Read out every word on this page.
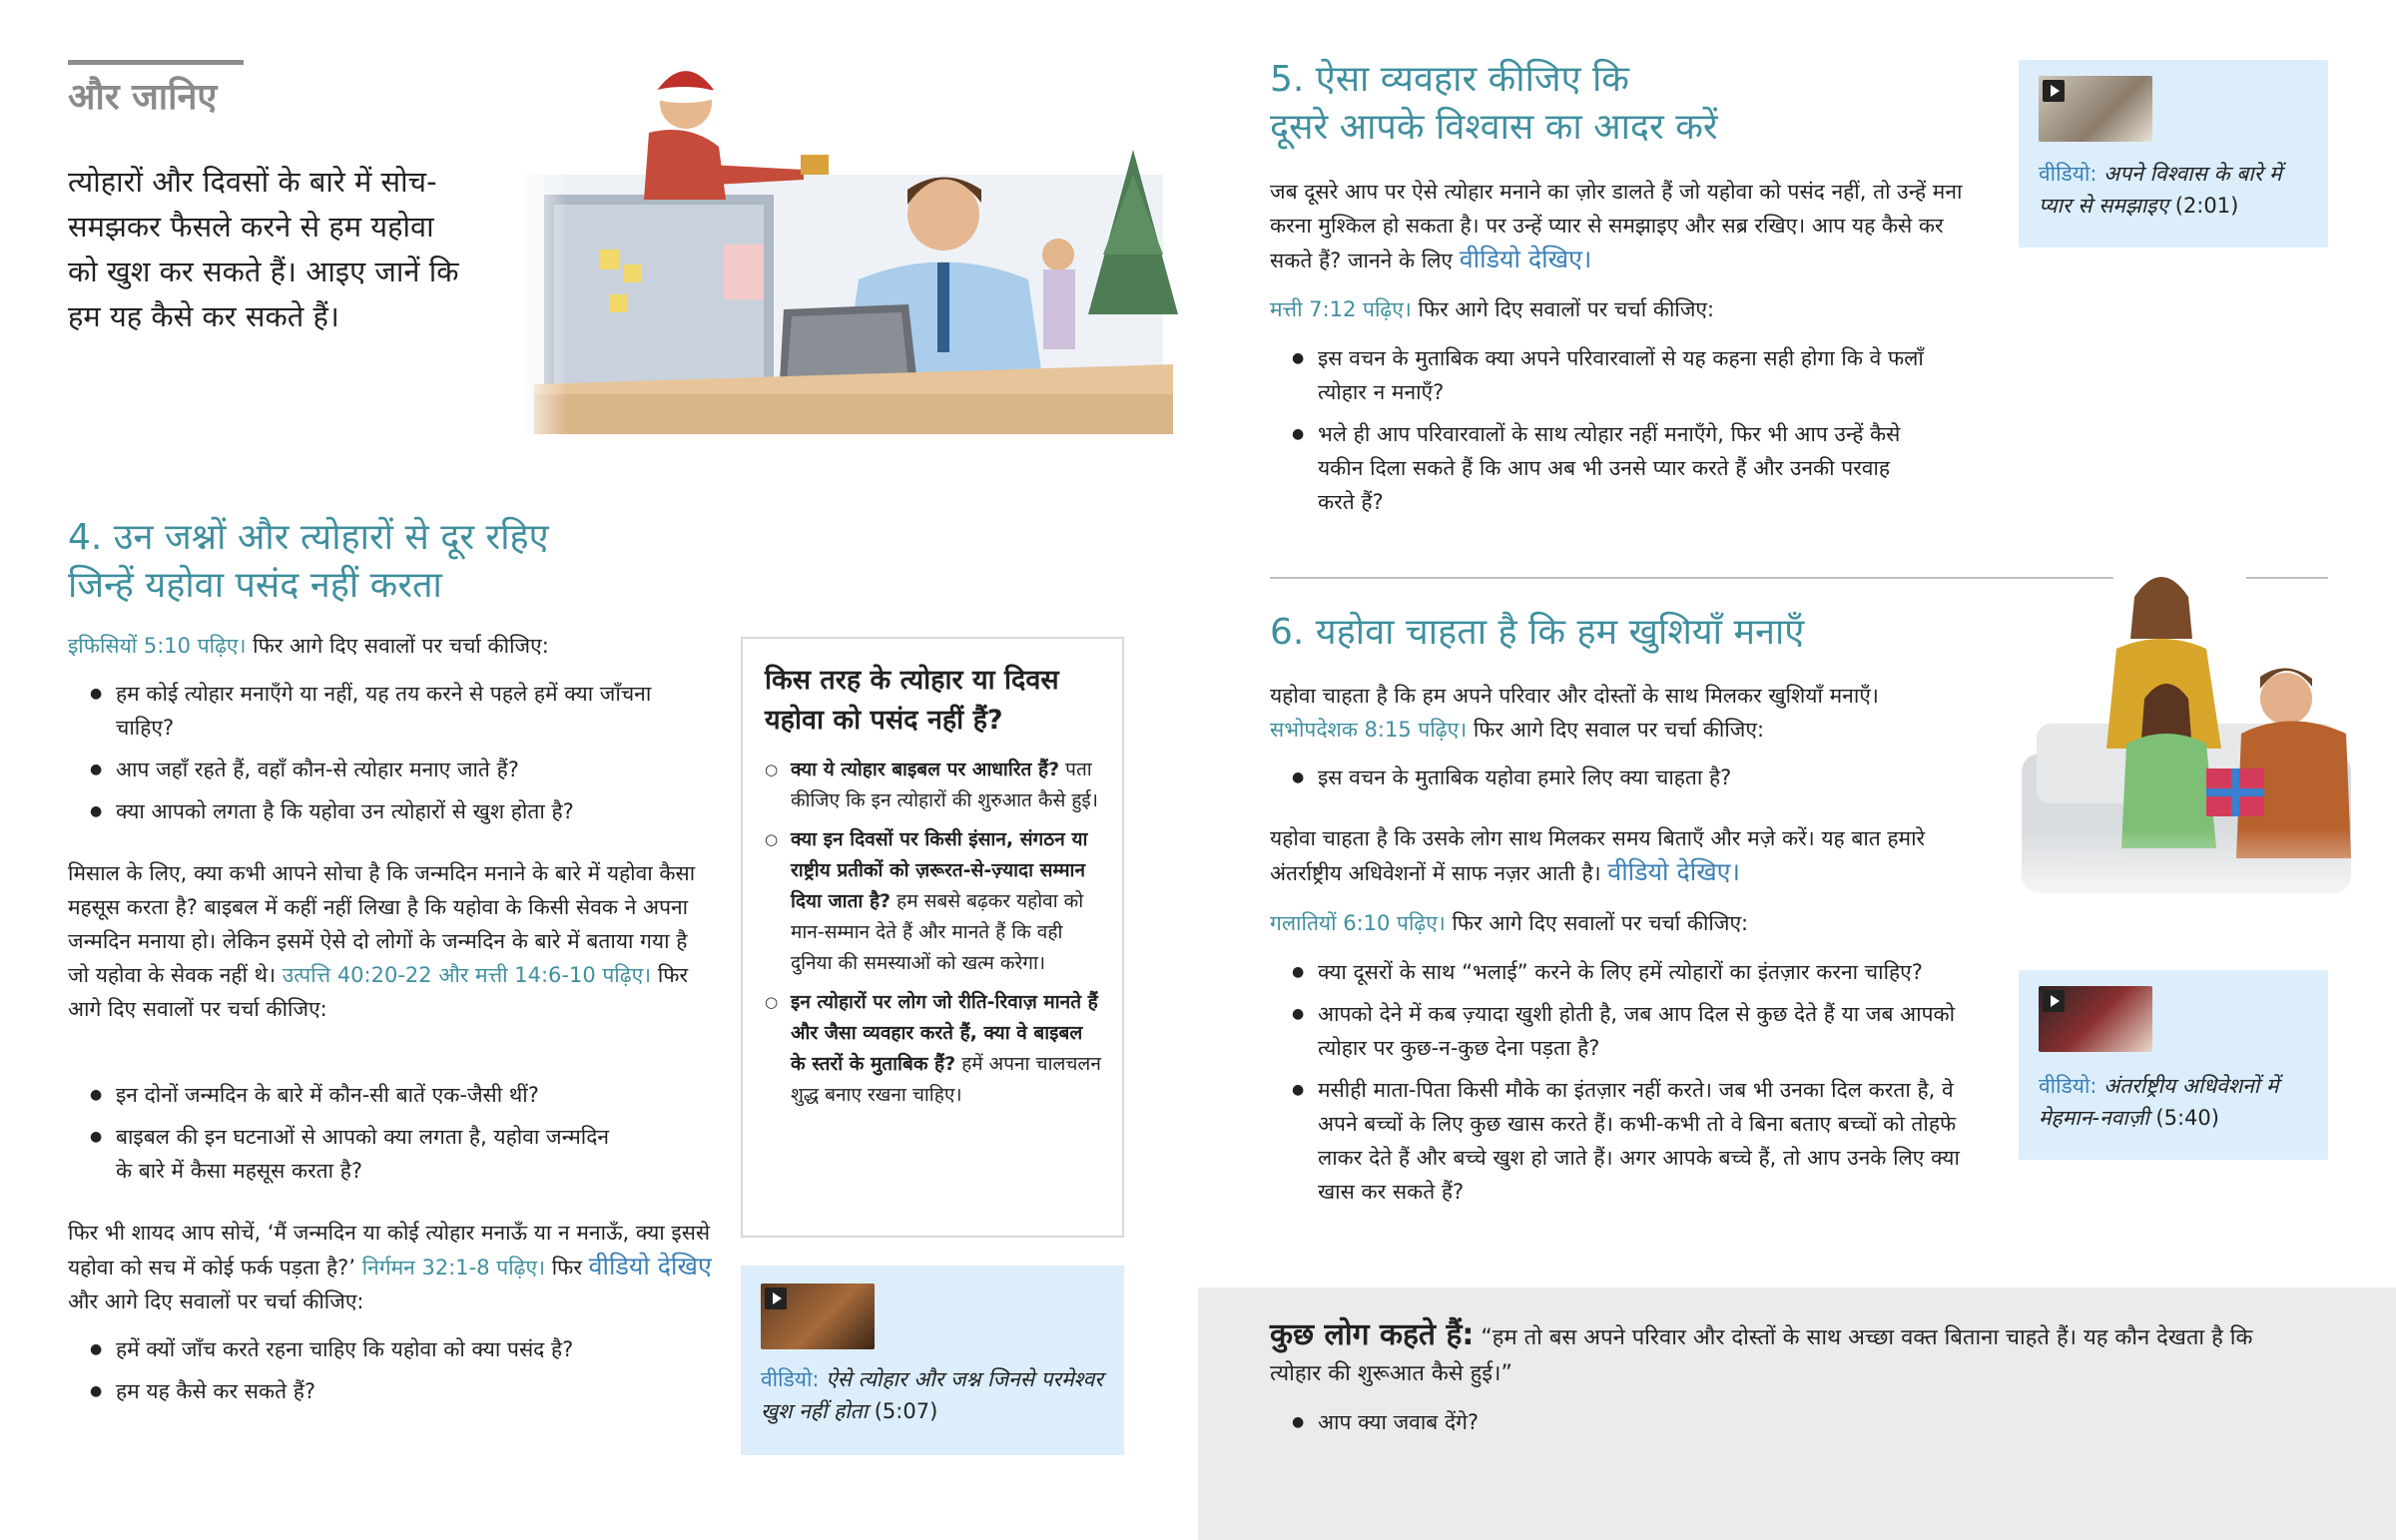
और जानिए
त्योहारों और दिवसों के बारे में सोच-समझकर फैसले करने से हम यहोवा को खुश कर सकते हैं। आइए जानें कि हम यह कैसे कर सकते हैं।
4. उन जश्नों और त्योहारों से दूर रहिए
जिन्हें यहोवा पसंद नहीं करता
इफिसियों 5:10 पढ़िए। फिर आगे दिए सवालों पर चर्चा कीजिए:
● हम कोई त्योहार मनाएँगे या नहीं, यह तय करने से पहले हमें क्या जाँचना चाहिए?
● आप जहाँ रहते हैं, वहाँ कौन-से त्योहार मनाए जाते हैं?
● क्या आपको लगता है कि यहोवा उन त्योहारों से खुश होता है?
मिसाल के लिए, क्या कभी आपने सोचा है कि जन्मदिन मनाने के बारे में यहोवा कैसा महसूस करता है? बाइबल में कहीं नहीं लिखा है कि यहोवा के किसी सेवक ने अपना जन्मदिन मनाया हो। लेकिन इसमें ऐसे दो लोगों के जन्मदिन के बारे में बताया गया है जो यहोवा के सेवक नहीं थे। उत्पत्ति 40:20-22 और मत्ती 14:6-10 पढ़िए। फिर आगे दिए सवालों पर चर्चा कीजिए:
● इन दोनों जन्मदिन के बारे में कौन-सी बातें एक-जैसी थीं?
● बाइबल की इन घटनाओं से आपको क्या लगता है, यहोवा जन्मदिन के बारे में कैसा महसूस करता है?
फिर भी शायद आप सोचें, ‘मैं जन्मदिन या कोई त्योहार मनाऊँ या न मनाऊँ, क्या इससे यहोवा को सच में कोई फर्क पड़ता है?’ निर्गमन 32:1-8 पढ़िए। फिर वीडियो देखिए और आगे दिए सवालों पर चर्चा कीजिए:
● हमें क्यों जाँच करते रहना चाहिए कि यहोवा को क्या पसंद है?
● हम यह कैसे कर सकते हैं?
किस तरह के त्योहार या दिवस यहोवा को पसंद नहीं हैं?
○ क्या ये त्योहार बाइबल पर आधारित हैं? पता कीजिए कि इन त्योहारों की शुरुआत कैसे हुई।
○ क्या इन दिवसों पर किसी इंसान, संगठन या राष्ट्रीय प्रतीकों को ज़रूरत-से-ज़्यादा सम्मान दिया जाता है? हम सबसे बढ़कर यहोवा को मान-सम्मान देते हैं और मानते हैं कि वही दुनिया की समस्याओं को खत्म करेगा।
○ इन त्योहारों पर लोग जो रीति-रिवाज़ मानते हैं और जैसा व्यवहार करते हैं, क्या वे बाइबल के स्तरों के मुताबिक हैं? हमें अपना चालचलन शुद्ध बनाए रखना चाहिए।
वीडियो: ऐसे त्योहार और जश्न जिनसे परमेश्वर खुश नहीं होता (5:07)
5. ऐसा व्यवहार कीजिए कि
दूसरे आपके विश्वास का आदर करें
जब दूसरे आप पर ऐसे त्योहार मनाने का ज़ोर डालते हैं जो यहोवा को पसंद नहीं, तो उन्हें मना करना मुश्किल हो सकता है। पर उन्हें प्यार से समझाइए और सब्र रखिए। आप यह कैसे कर सकते हैं? जानने के लिए वीडियो देखिए।
मत्ती 7:12 पढ़िए। फिर आगे दिए सवालों पर चर्चा कीजिए:
● इस वचन के मुताबिक क्या अपने परिवारवालों से यह कहना सही होगा कि वे फलाँ त्योहार न मनाएँ?
● भले ही आप परिवारवालों के साथ त्योहार नहीं मनाएँगे, फिर भी आप उन्हें कैसे यकीन दिला सकते हैं कि आप अब भी उनसे प्यार करते हैं और उनकी परवाह करते हैं?
वीडियो: अपने विश्वास के बारे में प्यार से समझाइए (2:01)
6. यहोवा चाहता है कि हम खुशियाँ मनाएँ
यहोवा चाहता है कि हम अपने परिवार और दोस्तों के साथ मिलकर खुशियाँ मनाएँ। सभोपदेशक 8:15 पढ़िए। फिर आगे दिए सवाल पर चर्चा कीजिए:
● इस वचन के मुताबिक यहोवा हमारे लिए क्या चाहता है?
यहोवा चाहता है कि उसके लोग साथ मिलकर समय बिताएँ और मज़े करें। यह बात हमारे अंतर्राष्ट्रीय अधिवेशनों में साफ नज़र आती है। वीडियो देखिए।
गलातियों 6:10 पढ़िए। फिर आगे दिए सवालों पर चर्चा कीजिए:
● क्या दूसरों के साथ “भलाई” करने के लिए हमें त्योहारों का इंतज़ार करना चाहिए?
● आपको देने में कब ज़्यादा खुशी होती है, जब आप दिल से कुछ देते हैं या जब आपको त्योहार पर कुछ-न-कुछ देना पड़ता है?
● मसीही माता-पिता किसी मौके का इंतज़ार नहीं करते। जब भी उनका दिल करता है, वे अपने बच्चों के लिए कुछ खास करते हैं। कभी-कभी तो वे बिना बताए बच्चों को तोहफे लाकर देते हैं और बच्चे खुश हो जाते हैं। अगर आपके बच्चे हैं, तो आप उनके लिए क्या खास कर सकते हैं?
वीडियो: अंतर्राष्ट्रीय अधिवेशनों में मेहमान-नवाज़ी (5:40)
कुछ लोग कहते हैं: “हम तो बस अपने परिवार और दोस्तों के साथ अच्छा वक्त बिताना चाहते हैं। यह कौन देखता है कि त्योहार की शुरूआत कैसे हुई।”
● आप क्या जवाब देंगे?
